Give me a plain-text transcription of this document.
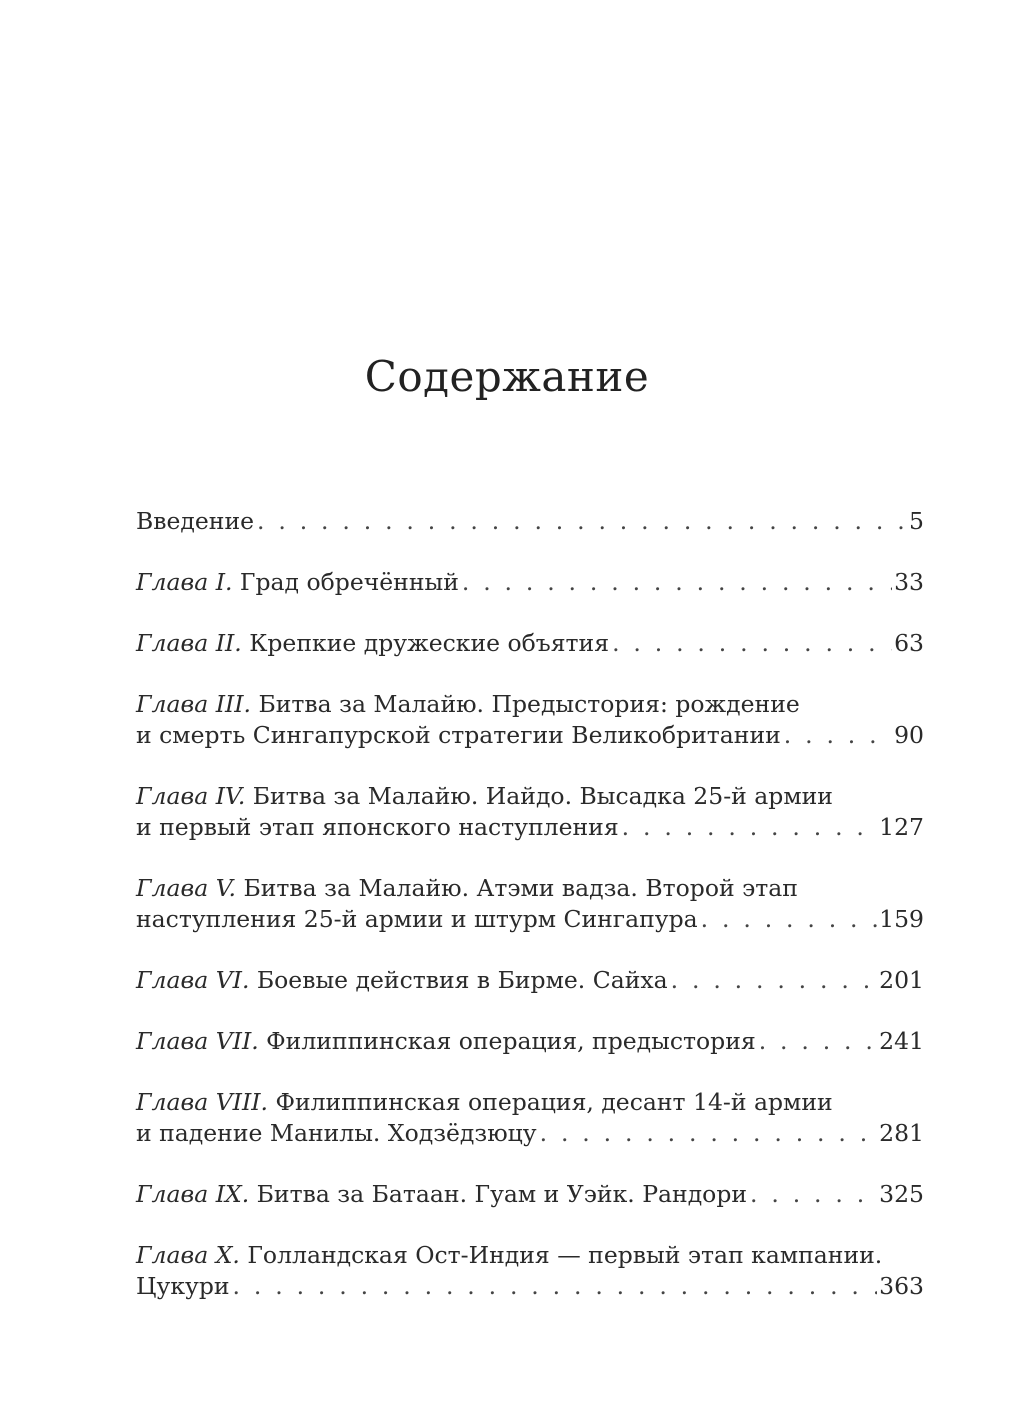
Содержание
Введение . . .	5
Глава I. Град обречённый . . .	33
Глава II. Крепкие дружеские объятия . . .	63
Глава III. Битва за Малайю. Предыстория: рождение
и смерть Сингапурской стратегии Великобритании . . .	90
Глава IV. Битва за Малайю. Иайдо. Высадка 25-й армии
и первый этап японского наступления . . .	127
Глава V. Битва за Малайю. Атэми вадза. Второй этап
наступления 25-й армии и штурм Сингапура . . .	159
Глава VI. Боевые действия в Бирме. Сайха . . .	201
Глава VII. Филиппинская операция, предыстория . . .	241
Глава VIII. Филиппинская операция, десант 14-й армии
и падение Манилы. Ходзёдзюцу . . .	281
Глава IX. Битва за Батаан. Гуам и Уэйк. Рандори . . .	325
Глава X. Голландская Ост-Индия — первый этап кампании.
Цукури . . .	363
